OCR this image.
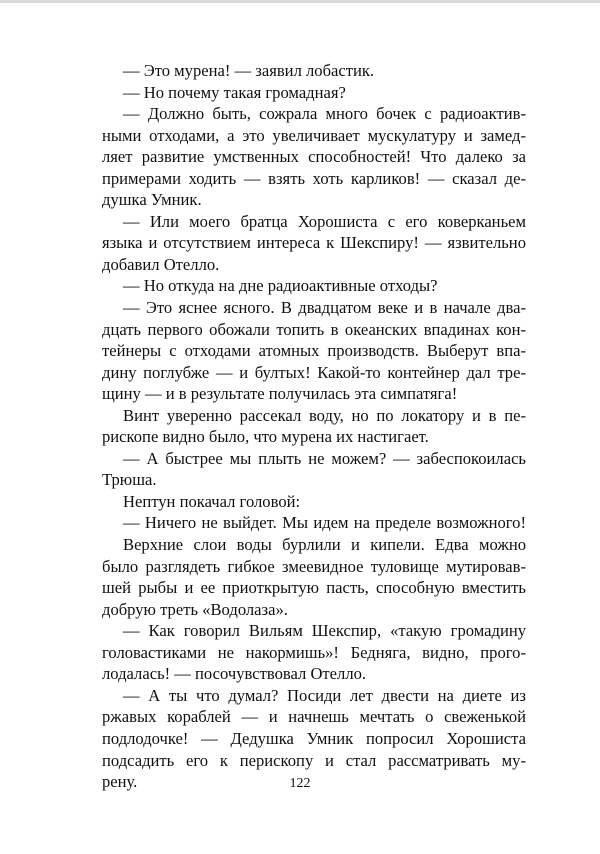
— Это мурена! — заявил лобастик.
— Но почему такая громадная?
— Должно быть, сожрала много бочек с радиоактив-
ными отходами, а это увеличивает мускулатуру и замед-
ляет развитие умственных способностей! Что далеко за
примерами ходить — взять хоть карликов! — сказал де-
душка Умник.
— Или моего братца Хорошиста с его коверканьем
языка и отсутствием интереса к Шекспиру! — язвительно
добавил Отелло.
— Но откуда на дне радиоактивные отходы?
— Это яснее ясного. В двадцатом веке и в начале два-
дцать первого обожали топить в океанских впадинах кон-
тейнеры с отходами атомных производств. Выберут впа-
дину поглубже — и бултых! Какой-то контейнер дал тре-
щину — и в результате получилась эта симпатяга!
Винт уверенно рассекал воду, но по локатору и в пе-
рископе видно было, что мурена их настигает.
— А быстрее мы плыть не можем? — забеспокоилась
Трюша.
Нептун покачал головой:
— Ничего не выйдет. Мы идем на пределе возможного!
Верхние слои воды бурлили и кипели. Едва можно
было разглядеть гибкое змеевидное туловище мутировав-
шей рыбы и ее приоткрытую пасть, способную вместить
добрую треть «Водолаза».
— Как говорил Вильям Шекспир, «такую громадину
головастиками не накормишь»! Бедняга, видно, прого-
лодалась! — посочувствовал Отелло.
— А ты что думал? Посиди лет двести на диете из
ржавых кораблей — и начнешь мечтать о свеженькой
подлодочке! — Дедушка Умник попросил Хорошиста
подсадить его к перископу и стал рассматривать му-
рену.	122
